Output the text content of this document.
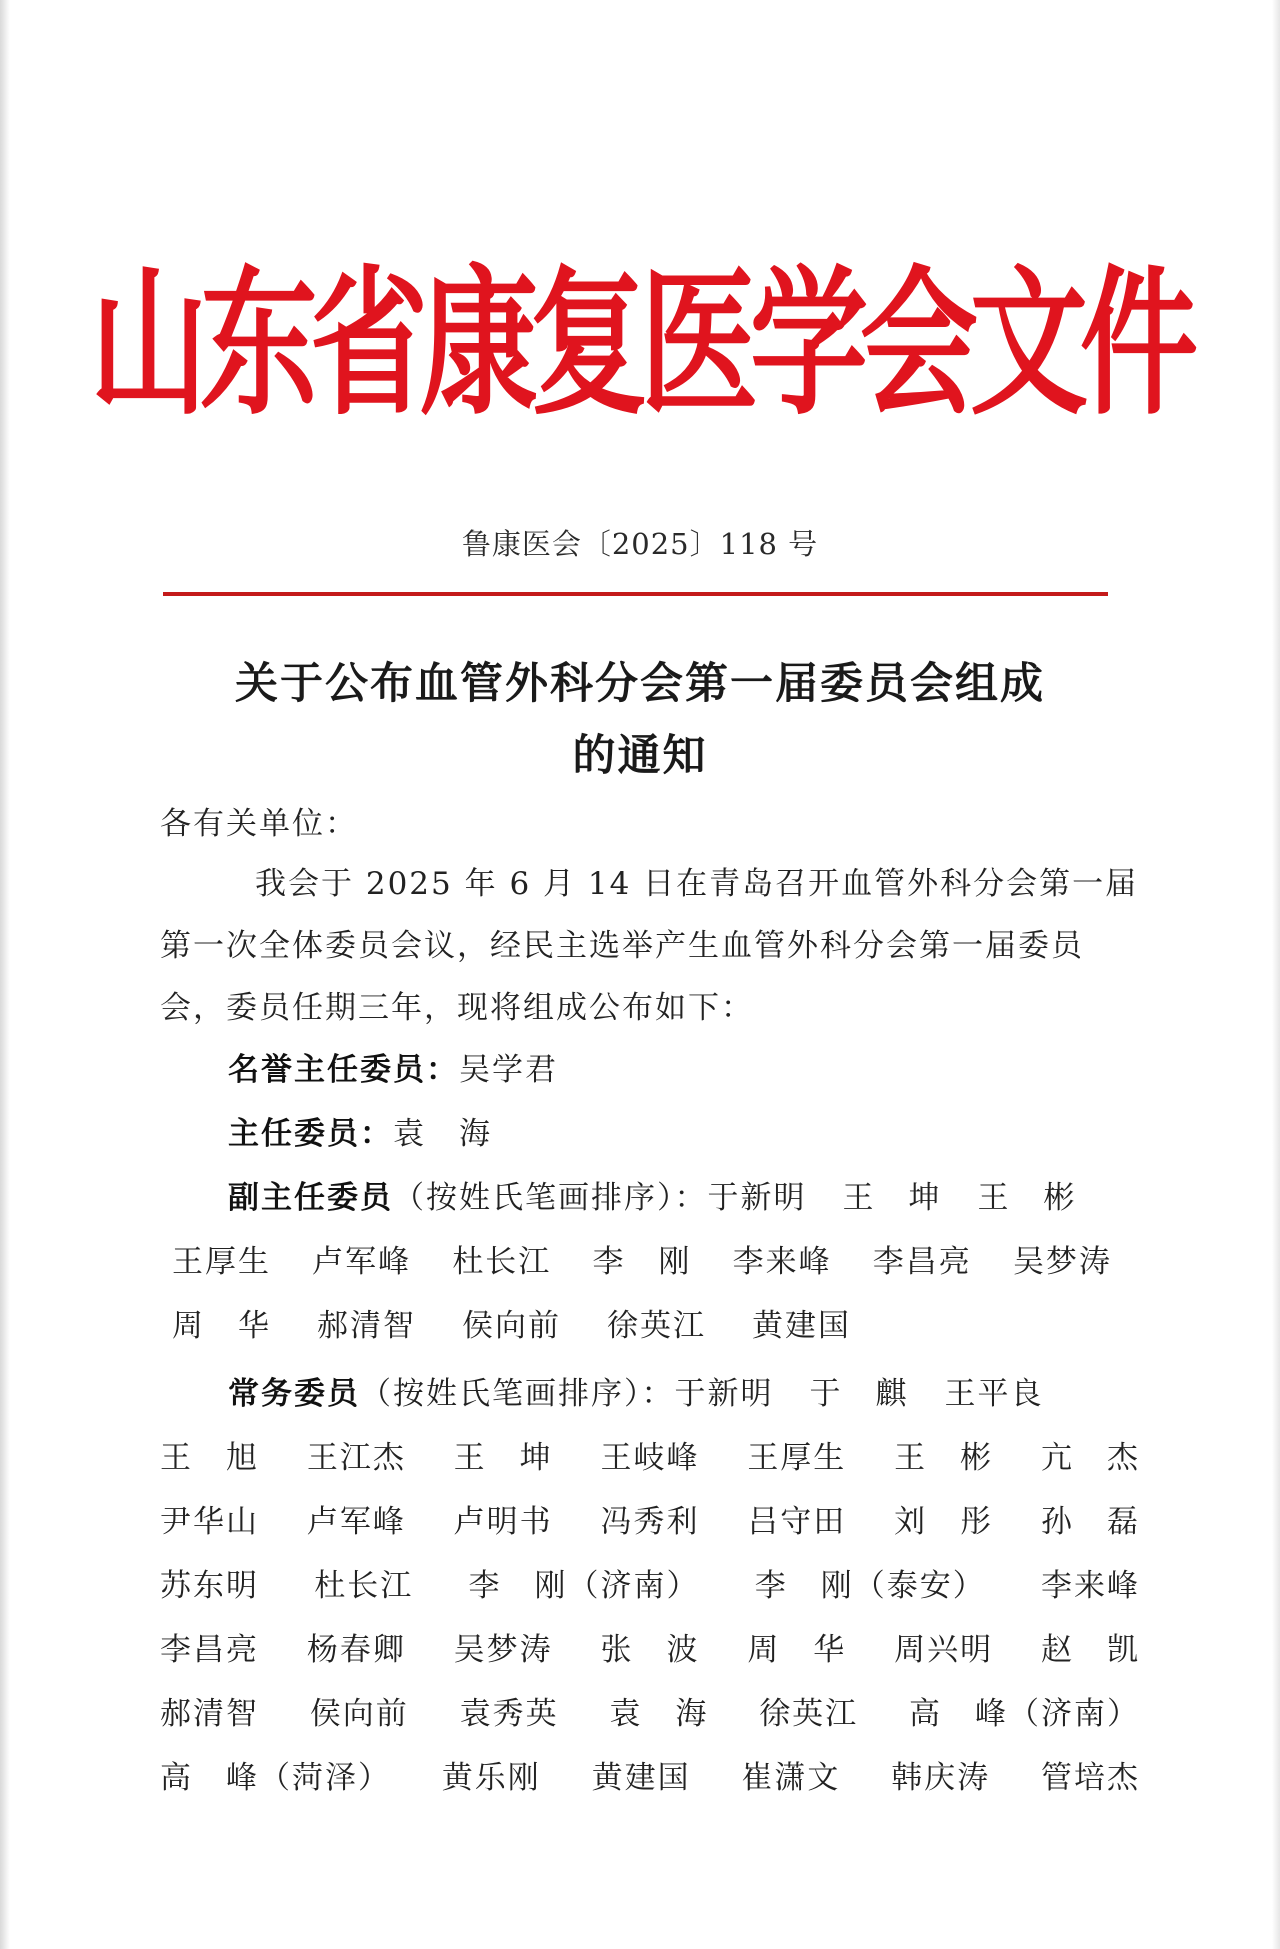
山东省康复医学会文件
鲁康医会〔2025〕118 号
关于公布血管外科分会第一届委员会组成
的通知
各有关单位：
我会于 2025 年 6 月 14 日在青岛召开血管外科分会第一届
第一次全体委员会议，经民主选举产生血管外科分会第一届委员
会，委员任期三年，现将组成公布如下：
名誉主任委员：吴学君
主任委员：袁　海
副主任委员（按姓氏笔画排序）：于新明 王　坤 王　彬
王厚生 卢军峰 杜长江 李　刚 李来峰 李昌亮 吴梦涛
周　华 郝清智 侯向前 徐英江 黄建国
常务委员（按姓氏笔画排序）：于新明 于　麒 王平良
王　旭 王江杰 王　坤 王岐峰 王厚生 王　彬 亢　杰
尹华山 卢军峰 卢明书 冯秀利 吕守田 刘　彤 孙　磊
苏东明 杜长江 李　刚（济南） 李　刚（泰安） 李来峰
李昌亮 杨春卿 吴梦涛 张　波 周　华 周兴明 赵　凯
郝清智 侯向前 袁秀英 袁　海 徐英江 高　峰（济南）
高　峰（菏泽） 黄乐刚 黄建国 崔潇文 韩庆涛 管培杰
